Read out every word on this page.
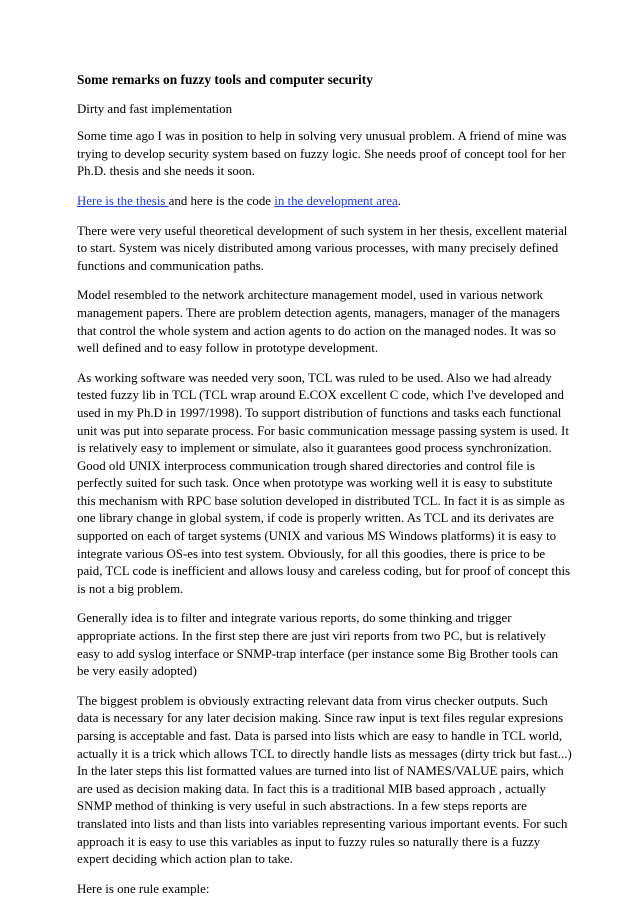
Some remarks on fuzzy tools and computer security
Dirty and fast implementation

Some time ago I was in position to help in solving very unusual problem. A friend of mine was trying to develop security system based on fuzzy logic. She needs proof of concept tool for her Ph.D. thesis and she needs it soon.

Here is the thesis and here is the code in the development area.

There were very useful theoretical development of such system in her thesis, excellent material to start. System was nicely distributed among various processes, with many precisely defined functions and communication paths.

Model resembled to the network architecture management model, used in various network management papers. There are problem detection agents, managers, manager of the managers that control the whole system and action agents to do action on the managed nodes. It was so well defined and to easy follow in prototype development.

As working software was needed very soon, TCL was ruled to be used. Also we had already tested fuzzy lib in TCL (TCL wrap around E.COX excellent C code, which I've developed and used in my Ph.D in 1997/1998). To support distribution of functions and tasks each functional unit was put into separate process. For basic communication message passing system is used. It is relatively easy to implement or simulate, also it guarantees good process synchronization. Good old UNIX interprocess communication trough shared directories and control file is perfectly suited for such task. Once when prototype was working well it is easy to substitute this mechanism with RPC base solution developed in distributed TCL. In fact it is as simple as one library change in global system, if code is properly written. As TCL and its derivates are supported on each of target systems (UNIX and various MS Windows platforms) it is easy to integrate various OS-es into test system. Obviously, for all this goodies, there is price to be paid, TCL code is inefficient and allows lousy and careless coding, but for proof of concept this is not a big problem.

Generally idea is to filter and integrate various reports, do some thinking and trigger appropriate actions. In the first step there are just viri reports from two PC, but is relatively easy to add syslog interface or SNMP-trap interface (per instance some Big Brother tools can be very easily adopted)

The biggest problem is obviously extracting relevant data from virus checker outputs. Such data is necessary for any later decision making. Since raw input is text files regular expresions parsing is acceptable and fast. Data is parsed into lists which are easy to handle in TCL world, actually it is a trick which allows TCL to directly handle lists as messages (dirty trick but fast...) In the later steps this list formatted values are turned into list of NAMES/VALUE pairs, which are used as decision making data. In fact this is a traditional MIB based approach , actually SNMP method of thinking is very useful in such abstractions. In a few steps reports are translated into lists and than lists into variables representing various important events. For such approach it is easy to use this variables as input to fuzzy rules so naturally there is a fuzzy expert deciding which action plan to take.

Here is one rule example:
